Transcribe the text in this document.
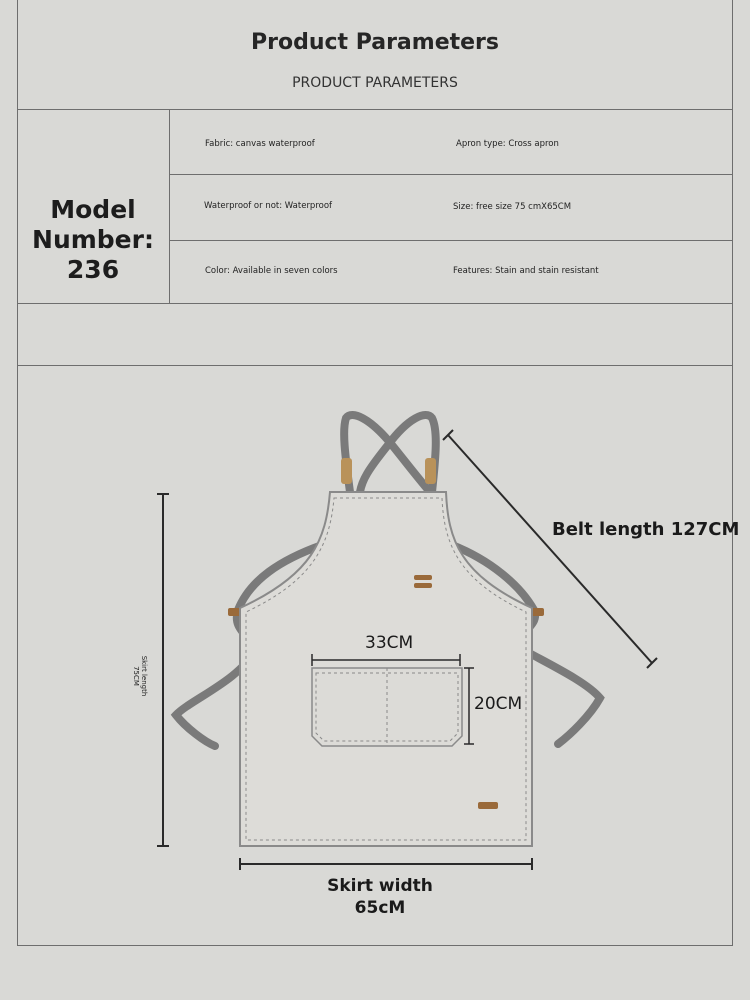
Product Parameters
PRODUCT PARAMETERS
Model
Number:
236
Fabric: canvas waterproof	Apron type: Cross apron
Waterproof or not: Waterproof	Size: free size 75 cmX65CM
Color: Available in seven colors	Features: Stain and stain resistant
Belt length 127CM
33CM
20CM
Skirt width
65cM
Skirt length
75CM
